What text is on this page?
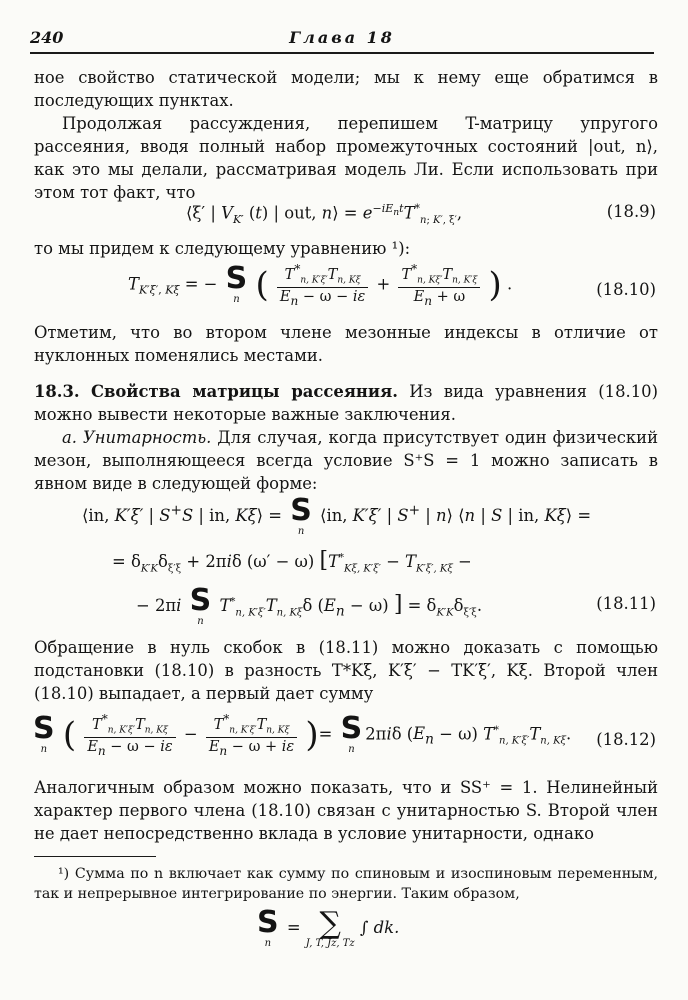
240	Глава 18

ное свойство статической модели; мы к нему еще обратимся в последующих пунктах.

Продолжая рассуждения, перепишем T-матрицу упругого рассеяния, вводя полный набор промежуточных состояний |out, n⟩, как это мы делали, рассматривая модель Ли. Если использовать при этом тот факт, что

⟨ξ′ | $V_{K'}$ (t) | out, n⟩ = $e^{-iE_nt}T^*_{n; K', \xi'}$,	(18.9)

то мы придем к следующему уравнению ¹):

$T_{K'\xi', K\xi}$ = − S
n ( $\frac{T^*_{n, K'\xi'}T_{n, K\xi}}{E_n - \omega - i\varepsilon} + \frac{T^*_{n, K\xi'}T_{n, K'\xi}}{E_n + \omega}$ ) .	(18.10)

Отметим, что во втором члене мезонные индексы в отличие от нуклонных поменялись местами.

18.3. Свойства матрицы рассеяния. Из вида уравнения (18.10) можно вывести некоторые важные заключения.

а. Унитарность. Для случая, когда присутствует один физический мезон, выполняющееся всегда условие S⁺S = 1 можно записать в явном виде в следующей форме:

⟨in, K′ξ′ | S+S | in, Kξ⟩ = S
n
⟨in, K′ξ′ | S+ | n⟩ ⟨n | S | in, Kξ⟩ =
= $\delta_{K'K}\delta_{\xi'\xi} + 2\pi i\delta$ (ω′ − ω) [$T^*_{K\xi, K'\xi'} - T_{K'\xi', K\xi}$ −
− 2πi S
n
$T^*_{n, K'\xi'}T_{n, K\xi}\delta$ $(E_n - \omega)$ ] = $\delta_{K'K}\delta_{\xi'\xi}$.	(18.11)

Обращение в нуль скобок в (18.11) можно доказать с помощью подстановки (18.10) в разность T*Kξ, K′ξ′ − TK′ξ′, Kξ. Второй член (18.10) выпадает, а первый дает сумму

S
n ( $\frac{T^*_{n, K'\xi'}T_{n, K\xi}}{E_n - \omega - i\varepsilon} - \frac{T^*_{n, K'\xi'}T_{n, K\xi}}{E_n - \omega + i\varepsilon}$ )= S
n
2πiδ $(E_n - \omega)$ $T^*_{n, K'\xi'}T_{n, K\xi}$. (18.12)

Аналогичным образом можно показать, что и SS⁺ = 1. Нелинейный характер первого члена (18.10) связан с унитарностью S. Второй член не дает непосредственно вклада в условие унитарности, однако

¹) Сумма по n включает как сумму по спиновым и изоспиновым переменным, так и непрерывное интегрирование по энергии. Таким образом,

S
n
= ∑
J, T, Jz, Tz
∫ dk.
